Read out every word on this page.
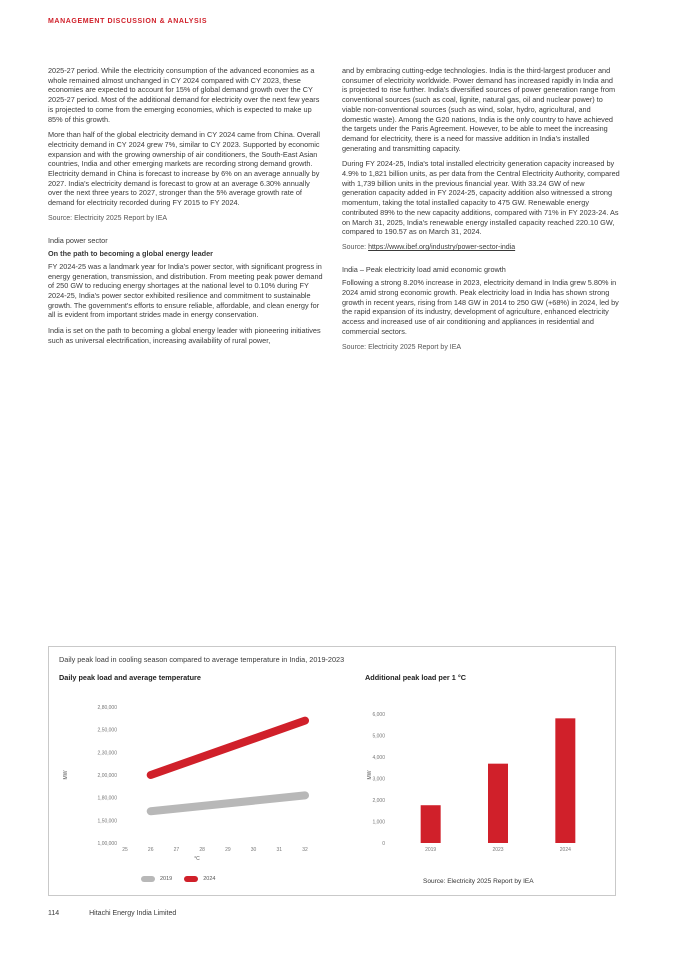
MANAGEMENT DISCUSSION & ANALYSIS

2025-27 period. While the electricity consumption of the advanced economies as a whole remained almost unchanged in CY 2024 compared with CY 2023, these economies are expected to account for 15% of global demand growth over the CY 2025-27 period. Most of the additional demand for electricity over the next few years is projected to come from the emerging economies, which is expected to make up 85% of this growth.

More than half of the global electricity demand in CY 2024 came from China. Overall electricity demand in CY 2024 grew 7%, similar to CY 2023. Supported by economic expansion and with the growing ownership of air conditioners, the South-East Asian countries, India and other emerging markets are recording strong demand growth. Electricity demand in China is forecast to increase by 6% on an average annually by 2027. India's electricity demand is forecast to grow at an average 6.30% annually over the next three years to 2027, stronger than the 5% average growth rate of demand for electricity recorded during FY 2015 to FY 2024.

Source: Electricity 2025 Report by IEA

India power sector

On the path to becoming a global energy leader

FY 2024-25 was a landmark year for India's power sector, with significant progress in energy generation, transmission, and distribution. From meeting peak power demand of 250 GW to reducing energy shortages at the national level to 0.10% during FY 2024-25, India's power sector exhibited resilience and commitment to sustainable growth. The government's efforts to ensure reliable, affordable, and clean energy for all is evident from important strides made in energy conservation.

India is set on the path to becoming a global energy leader with pioneering initiatives such as universal electrification, increasing availability of rural power,

and by embracing cutting-edge technologies. India is the third-largest producer and consumer of electricity worldwide. Power demand has increased rapidly in India and is projected to rise further. India's diversified sources of power generation range from conventional sources (such as coal, lignite, natural gas, oil and nuclear power) to viable non-conventional sources (such as wind, solar, hydro, agricultural, and domestic waste). Among the G20 nations, India is the only country to have achieved the targets under the Paris Agreement. However, to be able to meet the increasing demand for electricity, there is a need for massive addition in India's installed generating and transmitting capacity.

During FY 2024-25, India's total installed electricity generation capacity increased by 4.9% to 1,821 billion units, as per data from the Central Electricity Authority, compared with 1,739 billion units in the previous financial year. With 33.24 GW of new generation capacity added in FY 2024-25, capacity addition also witnessed a strong momentum, taking the total installed capacity to 475 GW. Renewable energy contributed 89% to the new capacity additions, compared with 71% in FY 2023-24. As on March 31, 2025, India's renewable energy installed capacity reached 220.10 GW, compared to 190.57 as on March 31, 2024.

Source: https://www.ibef.org/industry/power-sector-india

India – Peak electricity load amid economic growth

Following a strong 8.20% increase in 2023, electricity demand in India grew 5.80% in 2024 amid strong economic growth. Peak electricity load in India has shown strong growth in recent years, rising from 148 GW in 2014 to 250 GW (+68%) in 2024, led by the rapid expansion of its industry, development of agriculture, enhanced electricity access and increased use of air conditioning and appliances in residential and commercial sectors.

Source: Electricity 2025 Report by IEA

Daily peak load in cooling season compared to average temperature in India, 2019-2023
Daily peak load and average temperature
1,00,000
1,50,000
1,80,000
2,00,000
2,30,000
2,50,000
2,80,000
25	26	27	28	29	30	31	32
°C
MW
Additional peak load per 1 °C
0
1,000
2,000
3,000
4,000
5,000
6,000
MW
2019	2023	2024
2019	2024	Source: Electricity 2025 Report by IEA
114	Hitachi Energy India Limited
